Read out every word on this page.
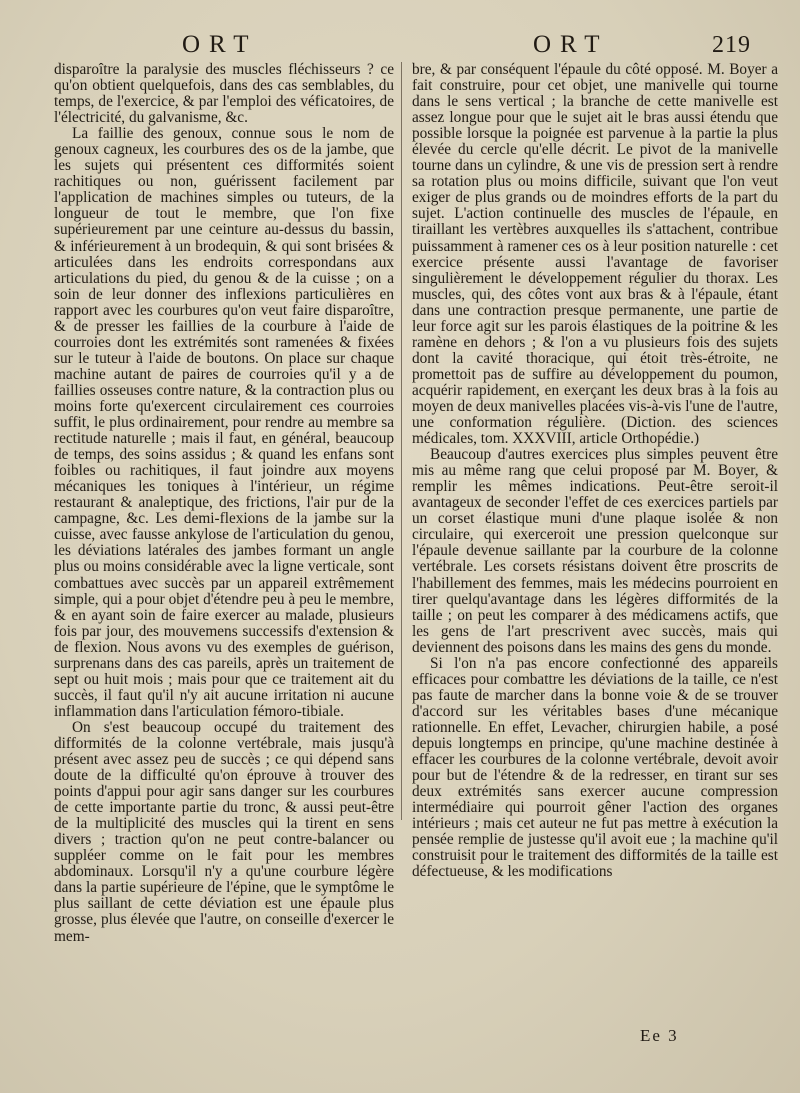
ORT	ORT	219

disparoître la paralysie des muscles fléchisseurs ? ce qu'on obtient quelquefois, dans des cas semblables, du temps, de l'exercice, & par l'emploi des véficatoires, de l'électricité, du galvanisme, &c.

La faillie des genoux, connue sous le nom de genoux cagneux, les courbures des os de la jambe, que les sujets qui présentent ces difformités soient rachitiques ou non, guérissent facilement par l'application de machines simples ou tuteurs, de la longueur de tout le membre, que l'on fixe supérieurement par une ceinture au-dessus du bassin, & inférieurement à un brodequin, & qui sont brisées & articulées dans les endroits correspondans aux articulations du pied, du genou & de la cuisse ; on a soin de leur donner des inflexions particulières en rapport avec les courbures qu'on veut faire disparoître, & de presser les faillies de la courbure à l'aide de courroies dont les extrémités sont ramenées & fixées sur le tuteur à l'aide de boutons. On place sur chaque machine autant de paires de courroies qu'il y a de faillies osseuses contre nature, & la contraction plus ou moins forte qu'exercent circulairement ces courroies suffit, le plus ordinairement, pour rendre au membre sa rectitude naturelle ; mais il faut, en général, beaucoup de temps, des soins assidus ; & quand les enfans sont foibles ou rachitiques, il faut joindre aux moyens mécaniques les toniques à l'intérieur, un régime restaurant & analeptique, des frictions, l'air pur de la campagne, &c. Les demi-flexions de la jambe sur la cuisse, avec fausse ankylose de l'articulation du genou, les déviations latérales des jambes formant un angle plus ou moins considérable avec la ligne verticale, sont combattues avec succès par un appareil extrêmement simple, qui a pour objet d'étendre peu à peu le membre, & en ayant soin de faire exercer au malade, plusieurs fois par jour, des mouvemens successifs d'extension & de flexion. Nous avons vu des exemples de guérison, surprenans dans des cas pareils, après un traitement de sept ou huit mois ; mais pour que ce traitement ait du succès, il faut qu'il n'y ait aucune irritation ni aucune inflammation dans l'articulation fémoro-tibiale.

On s'est beaucoup occupé du traitement des difformités de la colonne vertébrale, mais jusqu'à présent avec assez peu de succès ; ce qui dépend sans doute de la difficulté qu'on éprouve à trouver des points d'appui pour agir sans danger sur les courbures de cette importante partie du tronc, & aussi peut-être de la multiplicité des muscles qui la tirent en sens divers ; traction qu'on ne peut contre-balancer ou suppléer comme on le fait pour les membres abdominaux. Lorsqu'il n'y a qu'une courbure légère dans la partie supérieure de l'épine, que le symptôme le plus saillant de cette déviation est une épaule plus grosse, plus élevée que l'autre, on conseille d'exercer le mem-

bre, & par conséquent l'épaule du côté opposé. M. Boyer a fait construire, pour cet objet, une manivelle qui tourne dans le sens vertical ; la branche de cette manivelle est assez longue pour que le sujet ait le bras aussi étendu que possible lorsque la poignée est parvenue à la partie la plus élevée du cercle qu'elle décrit. Le pivot de la manivelle tourne dans un cylindre, & une vis de pression sert à rendre sa rotation plus ou moins difficile, suivant que l'on veut exiger de plus grands ou de moindres efforts de la part du sujet. L'action continuelle des muscles de l'épaule, en tiraillant les vertèbres auxquelles ils s'attachent, contribue puissamment à ramener ces os à leur position naturelle : cet exercice présente aussi l'avantage de favoriser singulièrement le développement régulier du thorax. Les muscles, qui, des côtes vont aux bras & à l'épaule, étant dans une contraction presque permanente, une partie de leur force agit sur les parois élastiques de la poitrine & les ramène en dehors ; & l'on a vu plusieurs fois des sujets dont la cavité thoracique, qui étoit très-étroite, ne promettoit pas de suffire au développement du poumon, acquérir rapidement, en exerçant les deux bras à la fois au moyen de deux manivelles placées vis-à-vis l'une de l'autre, une conformation régulière. (Diction. des sciences médicales, tom. XXXVIII, article Orthopédie.)

Beaucoup d'autres exercices plus simples peuvent être mis au même rang que celui proposé par M. Boyer, & remplir les mêmes indications. Peut-être seroit-il avantageux de seconder l'effet de ces exercices partiels par un corset élastique muni d'une plaque isolée & non circulaire, qui exerceroit une pression quelconque sur l'épaule devenue saillante par la courbure de la colonne vertébrale. Les corsets résistans doivent être proscrits de l'habillement des femmes, mais les médecins pourroient en tirer quelqu'avantage dans les légères difformités de la taille ; on peut les comparer à des médicamens actifs, que les gens de l'art prescrivent avec succès, mais qui deviennent des poisons dans les mains des gens du monde.

Si l'on n'a pas encore confectionné des appareils efficaces pour combattre les déviations de la taille, ce n'est pas faute de marcher dans la bonne voie & de se trouver d'accord sur les véritables bases d'une mécanique rationnelle. En effet, Levacher, chirurgien habile, a posé depuis longtemps en principe, qu'une machine destinée à effacer les courbures de la colonne vertébrale, devoit avoir pour but de l'étendre & de la redresser, en tirant sur ses deux extrémités sans exercer aucune compression intermédiaire qui pourroit gêner l'action des organes intérieurs ; mais cet auteur ne fut pas mettre à exécution la pensée remplie de justesse qu'il avoit eue ; la machine qu'il construisit pour le traitement des difformités de la taille est défectueuse, & les modifications

Ee 3
